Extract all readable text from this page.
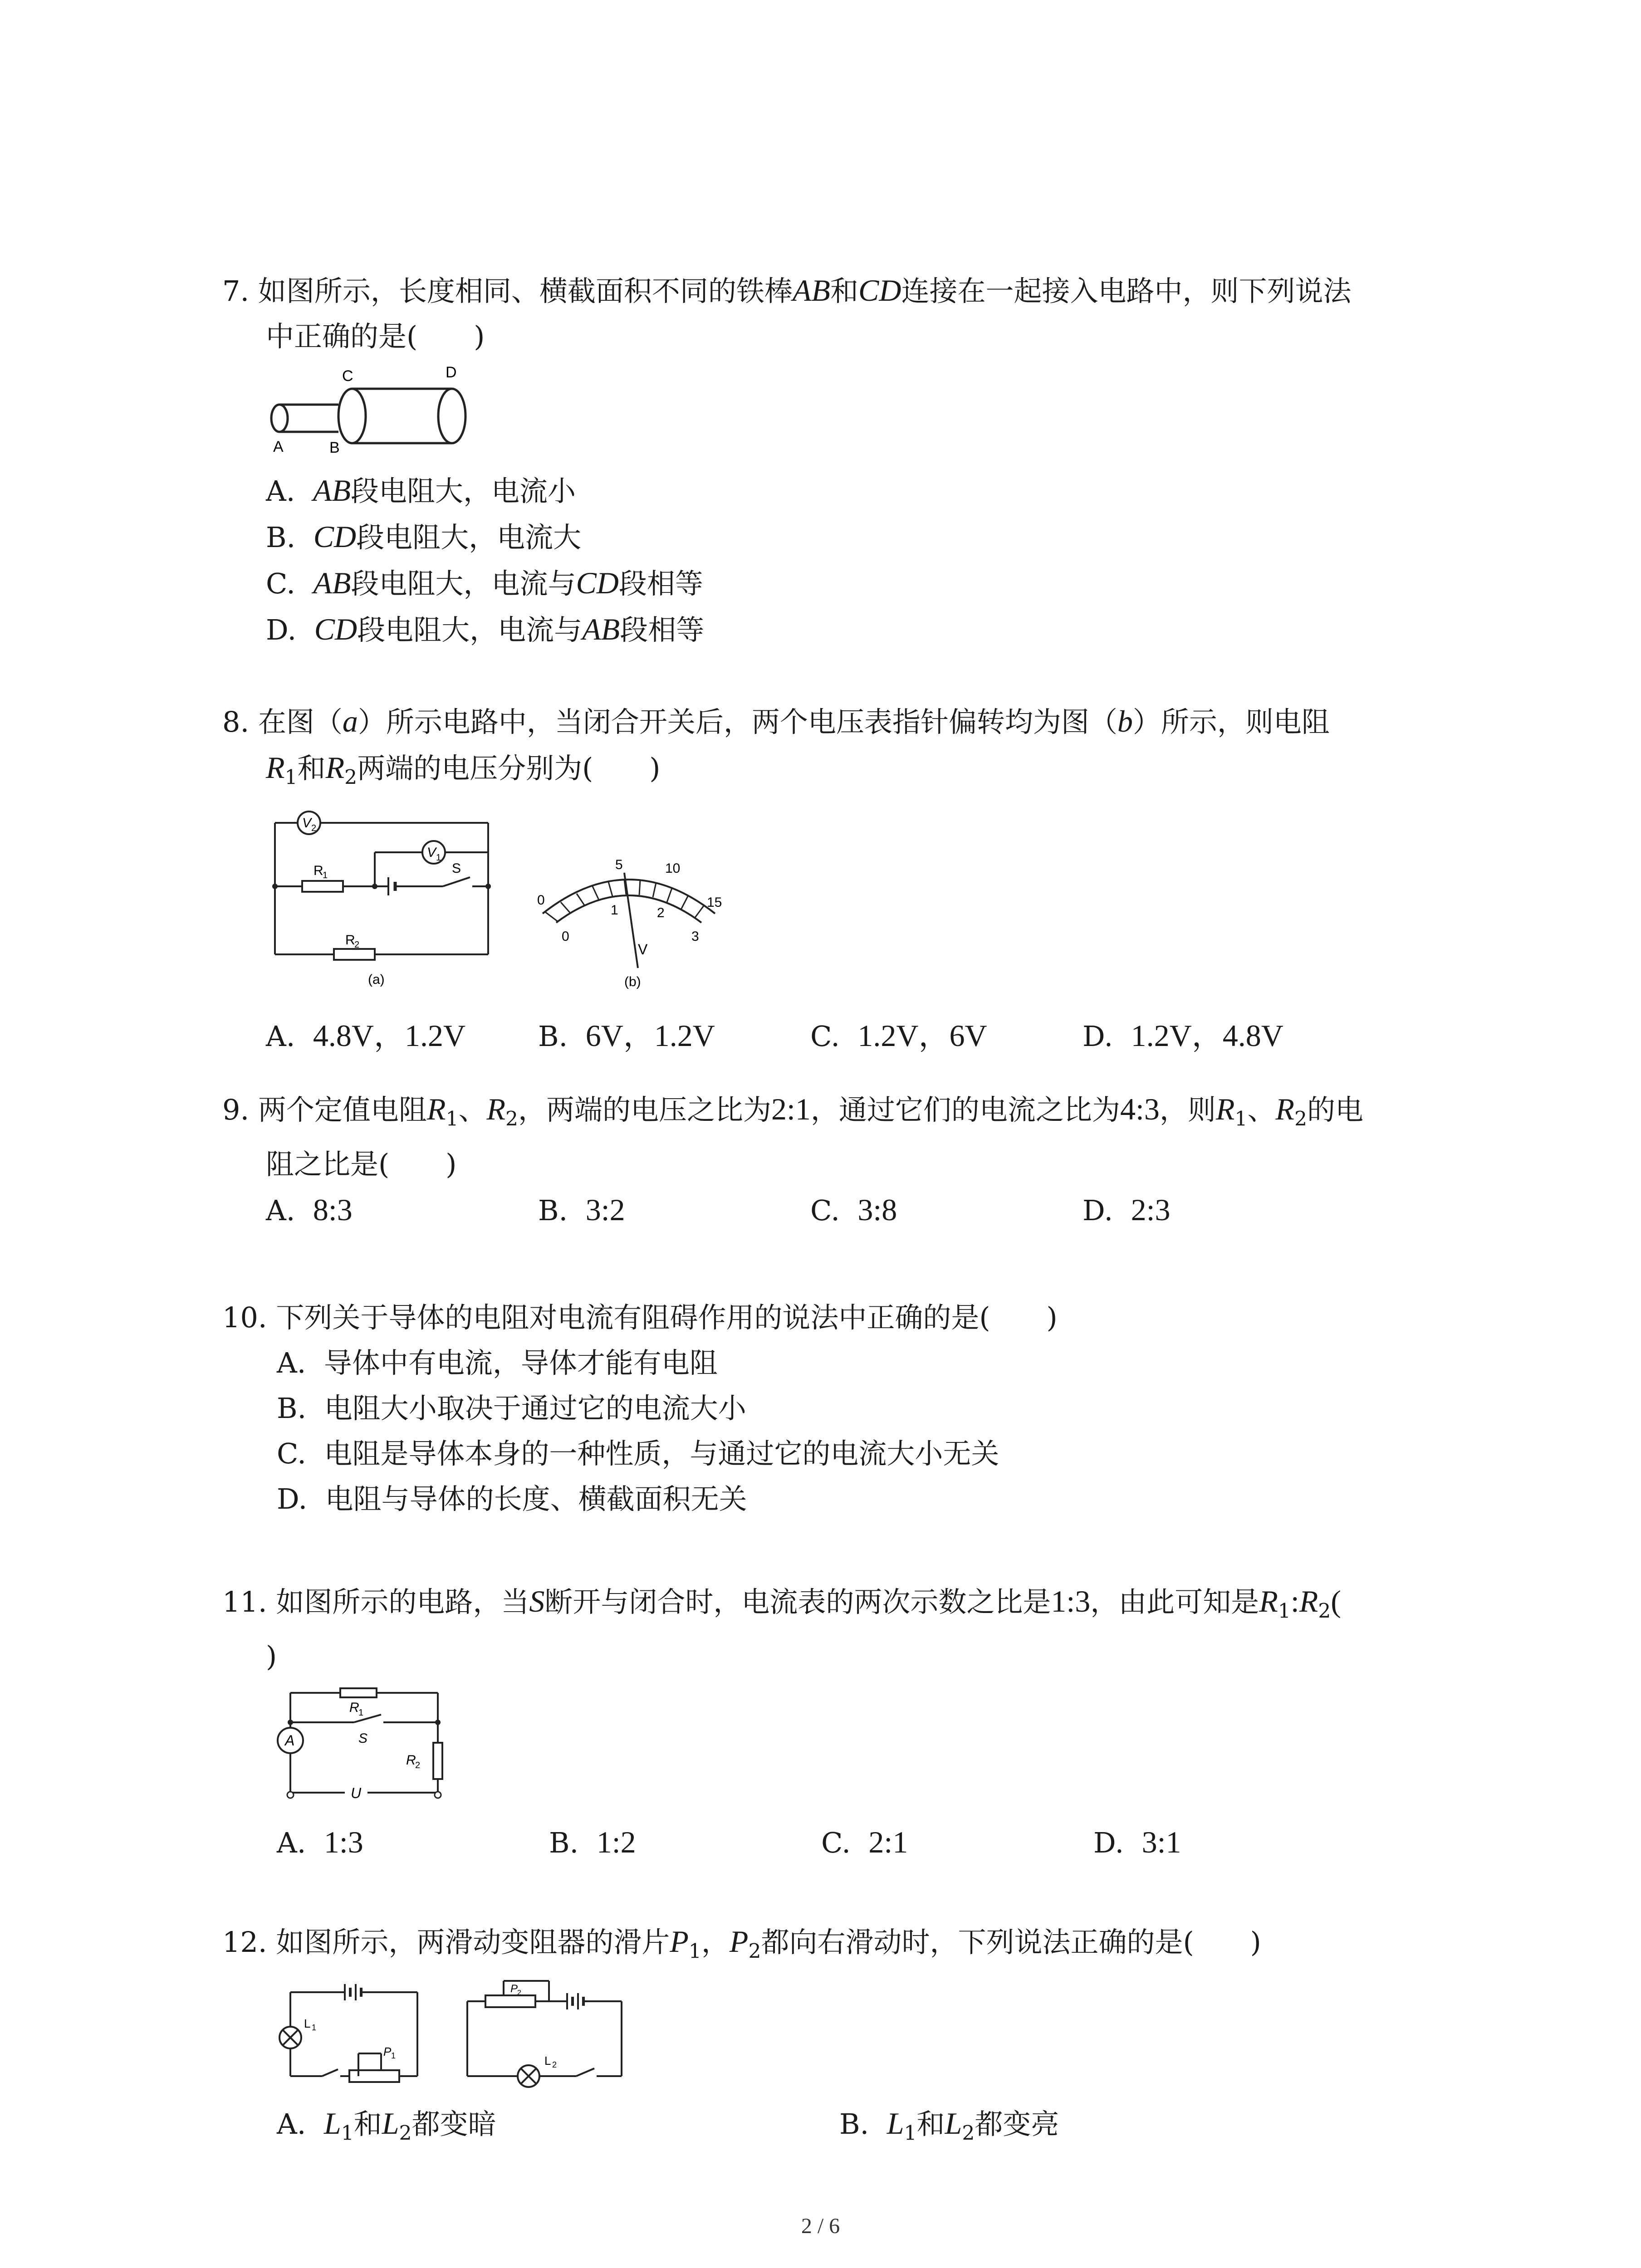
7. 如图所示，长度相同、横截面积不同的铁棒AB和CD连接在一起接入电路中，则下列说法
中正确的是(　　)
A	B
C	D
A. AB段电阻大，电流小
B. CD段电阻大，电流大
C. AB段电阻大，电流与CD段相等
D. CD段电阻大，电流与AB段相等
8. 在图（a）所示电路中，当闭合开关后，两个电压表指针偏转均为图（b）所示，则电阻
$R_1$和$R_2$两端的电压分别为(　　)
V 2
V 1
R
1
R
2
S
(a)
0
5	10
15
0
1	2
3
V
(b)
A. 4.8V，1.2V	B. 6V，1.2V	C. 1.2V，6V	D. 1.2V，4.8V
9. 两个定值电阻$R_1$、$R_2$，两端的电压之比为2:1，通过它们的电流之比为4:3，则$R_1$、$R_2$的电
阻之比是(　　)
A. 8:3	B. 3:2	C. 3:8	D. 2:3
10. 下列关于导体的电阻对电流有阻碍作用的说法中正确的是(　　)
A. 导体中有电流，导体才能有电阻
B. 电阻大小取决于通过它的电流大小
C. 电阻是导体本身的一种性质，与通过它的电流大小无关
D. 电阻与导体的长度、横截面积无关
11. 如图所示的电路，当S断开与闭合时，电流表的两次示数之比是1:3，由此可知是$R_1:R_2$(
)
R
1
S
A
R
2
U
A. 1:3	B. 1:2	C. 2:1	D. 3:1
12. 如图所示，两滑动变阻器的滑片$P_1$，$P_2$都向右滑动时，下列说法正确的是(　　)
L 1
P 1
P
2
L 2
A. $L_1$和$L_2$都变暗	B. $L_1$和$L_2$都变亮
2 / 6
